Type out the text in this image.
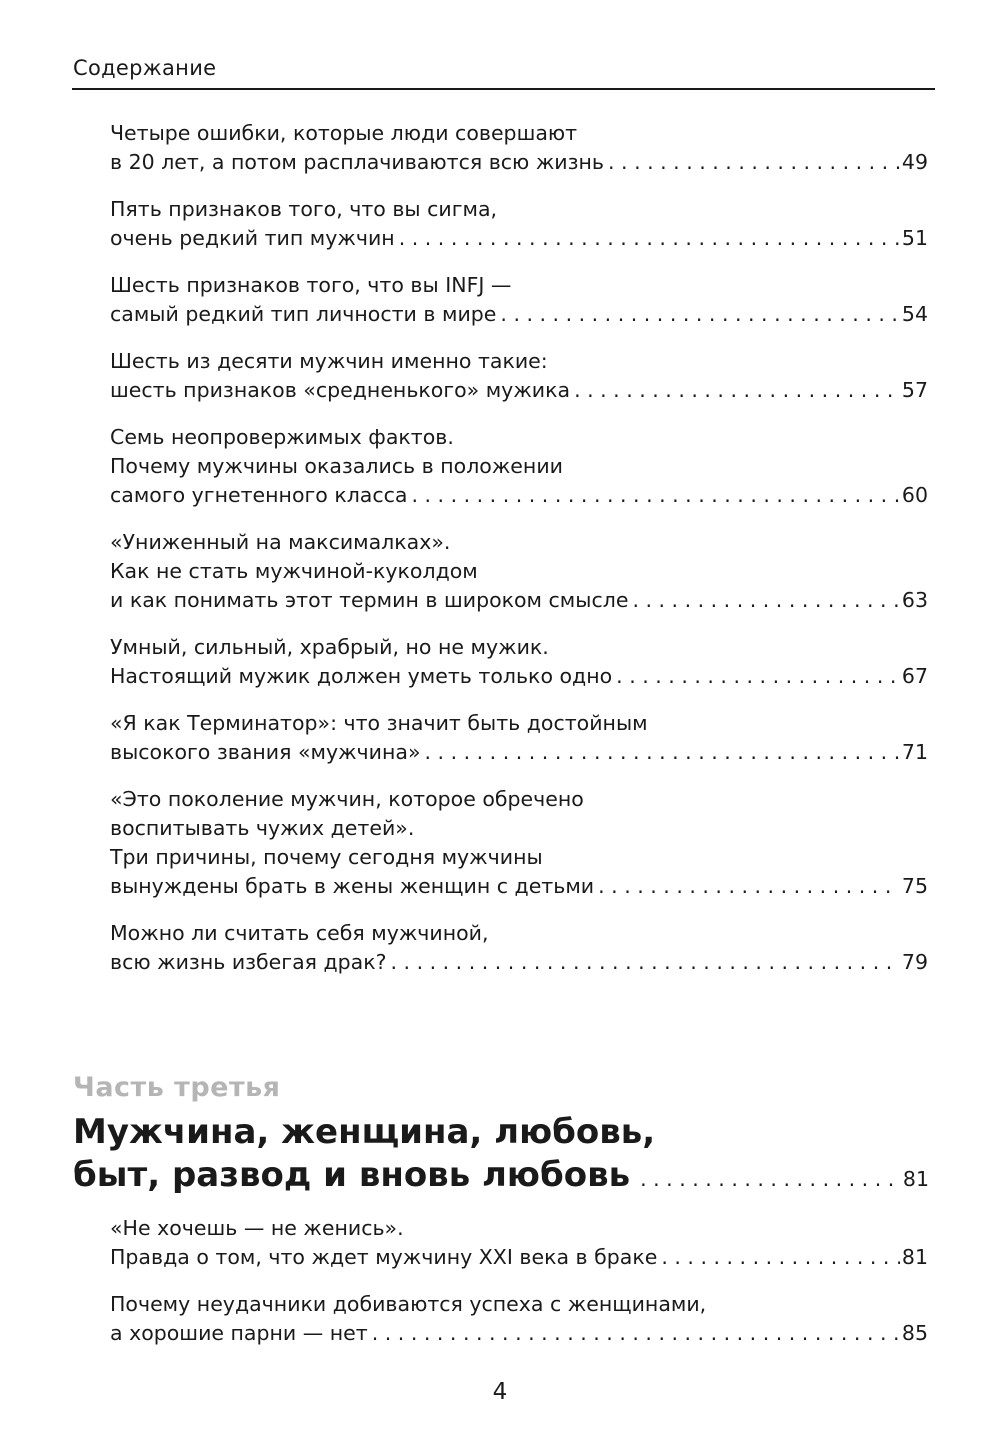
Содержание
Четыре ошибки, которые люди совершают
в 20 лет, а потом расплачиваются всю жизнь . . .	49
Пять признаков того, что вы сигма,
очень редкий тип мужчин . . .	51
Шесть признаков того, что вы INFJ —
самый редкий тип личности в мире . . .	54
Шесть из десяти мужчин именно такие:
шесть признаков «средненького» мужика . . .	57
Семь неопровержимых фактов.
Почему мужчины оказались в положении
самого угнетенного класса . . .	60
«Униженный на максималках».
Как не стать мужчиной-куколдом
и как понимать этот термин в широком смысле . . .	63
Умный, сильный, храбрый, но не мужик.
Настоящий мужик должен уметь только одно . . .	67
«Я как Терминатор»: что значит быть достойным
высокого звания «мужчина» . . .	71
«Это поколение мужчин, которое обречено
воспитывать чужих детей».
Три причины, почему сегодня мужчины
вынуждены брать в жены женщин с детьми . . .	75
Можно ли считать себя мужчиной,
всю жизнь избегая драк? . . .	79
Часть третья
Мужчина, женщина, любовь,
быт, развод и вновь любовь . . .	81
«Не хочешь — не женись».
Правда о том, что ждет мужчину XXI века в браке . . .	81
Почему неудачники добиваются успеха с женщинами,
а хорошие парни — нет . . .	85
4
